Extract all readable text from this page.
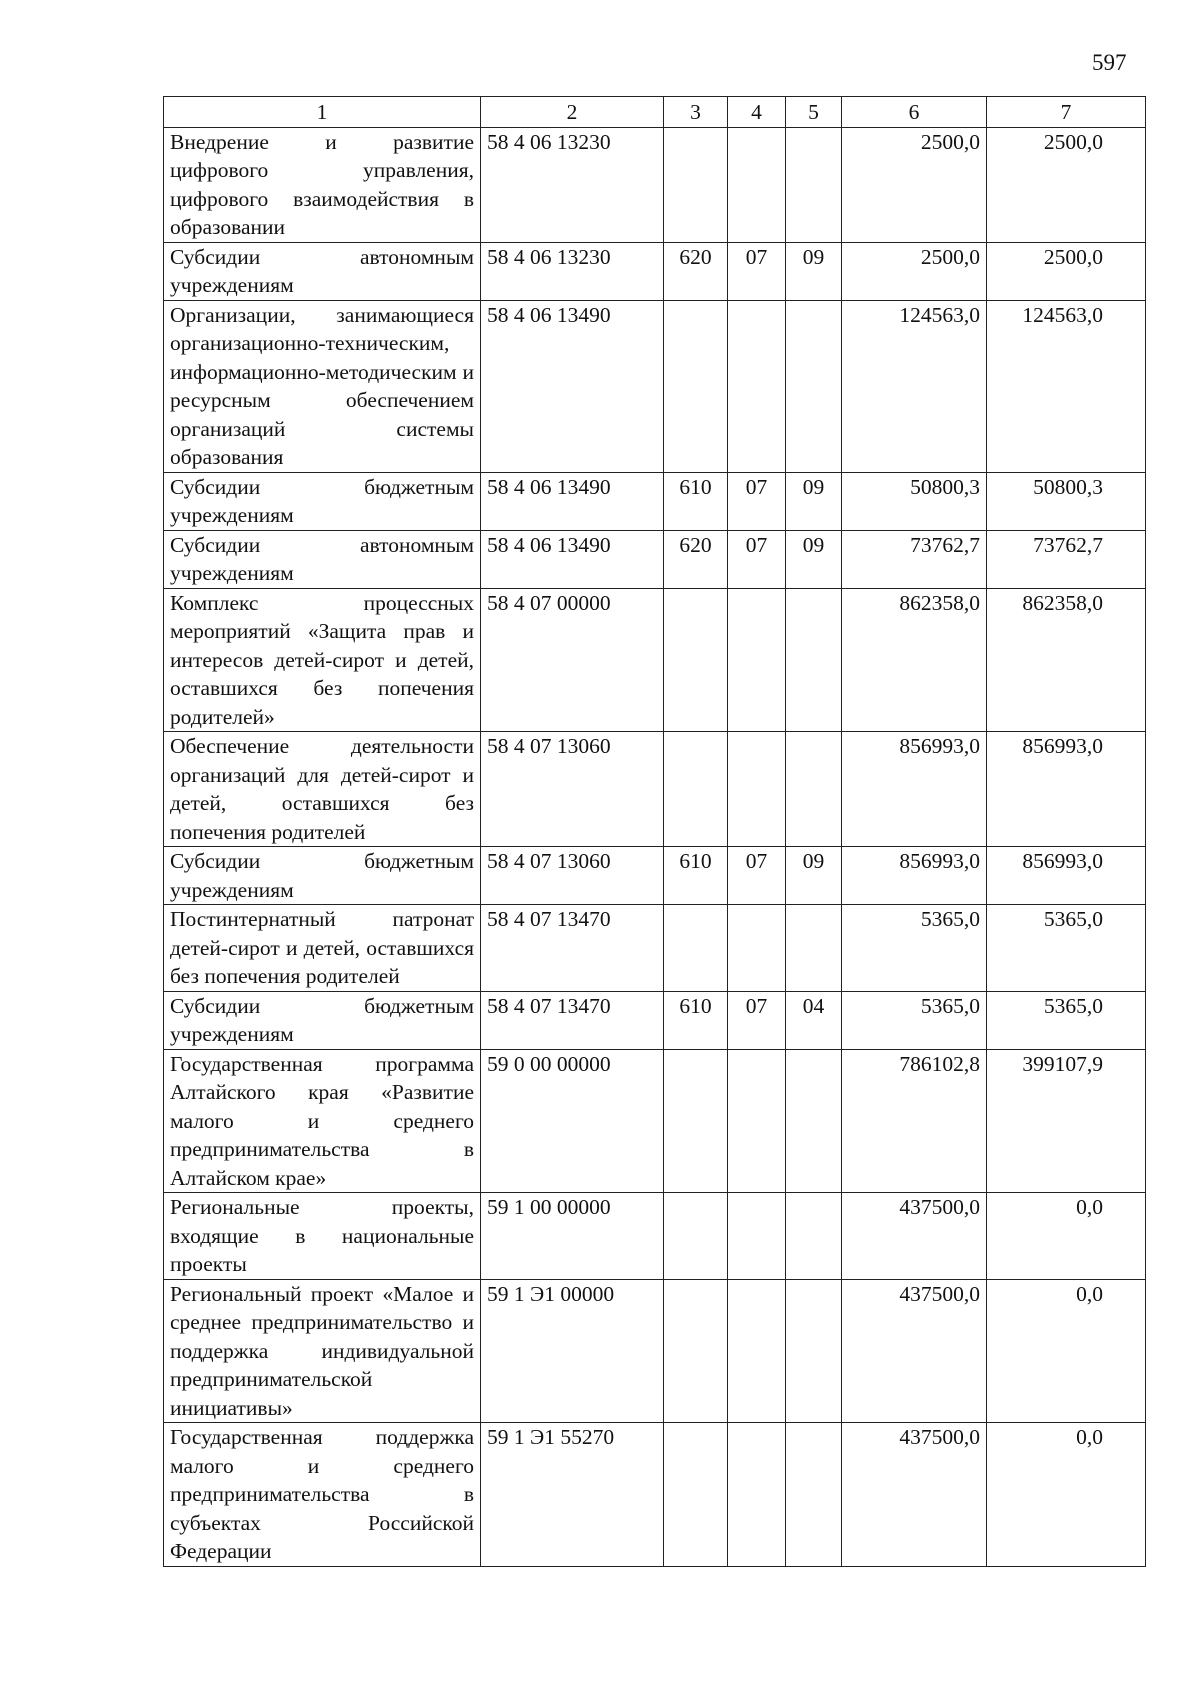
597
1	2	3	4	5	6	7
Внедрение и развитие цифрового управления, цифрового взаимодействия в образовании	58 4 06 13230				2500,0	2500,0
Субсидии автономным учреждениям	58 4 06 13230	620	07	09	2500,0	2500,0
Организации, занимающиеся организационно-техническим, информационно-методическим и ресурсным обеспечением организаций системы образования	58 4 06 13490				124563,0	124563,0
Субсидии бюджетным учреждениям	58 4 06 13490	610	07	09	50800,3	50800,3
Субсидии автономным учреждениям	58 4 06 13490	620	07	09	73762,7	73762,7
Комплекс процессных мероприятий «Защита прав и интересов детей-сирот и детей, оставшихся без попечения родителей»	58 4 07 00000				862358,0	862358,0
Обеспечение деятельности организаций для детей-сирот и детей, оставшихся без попечения родителей	58 4 07 13060				856993,0	856993,0
Субсидии бюджетным учреждениям	58 4 07 13060	610	07	09	856993,0	856993,0
Постинтернатный патронат детей-сирот и детей, оставшихся без попечения родителей	58 4 07 13470				5365,0	5365,0
Субсидии бюджетным учреждениям	58 4 07 13470	610	07	04	5365,0	5365,0
Государственная программа Алтайского края «Развитие малого и среднего предпринимательства в Алтайском крае»	59 0 00 00000				786102,8	399107,9
Региональные проекты, входящие в национальные проекты	59 1 00 00000				437500,0	0,0
Региональный проект «Малое и среднее предпринимательство и поддержка индивидуальной предпринимательской инициативы»	59 1 Э1 00000				437500,0	0,0
Государственная поддержка малого и среднего предпринимательства в субъектах Российской Федерации	59 1 Э1 55270				437500,0	0,0
